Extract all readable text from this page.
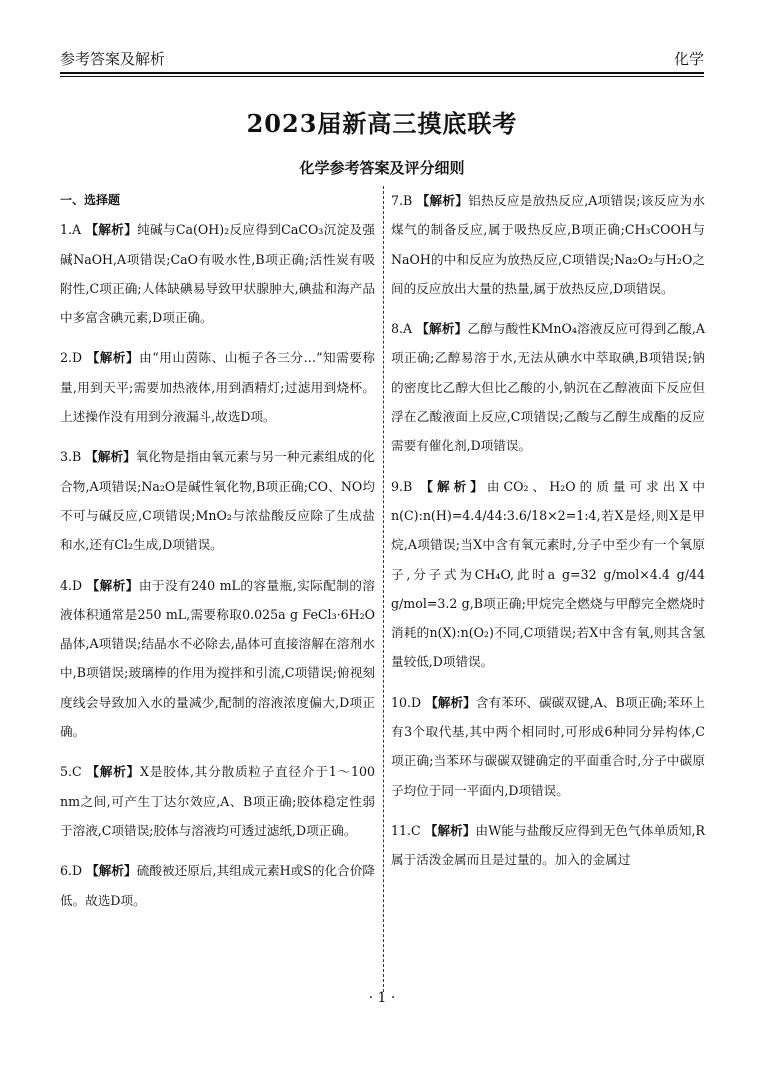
参考答案及解析	化学
2023届新高三摸底联考
化学参考答案及评分细则
一、选择题
1.A 【解析】纯碱与Ca(OH)₂反应得到CaCO₃沉淀及强碱NaOH,A项错误;CaO有吸水性,B项正确;活性炭有吸附性,C项正确;人体缺碘易导致甲状腺肿大,碘盐和海产品中多富含碘元素,D项正确。
2.D 【解析】由“用山茵陈、山栀子各三分…”知需要称量,用到天平;需要加热液体,用到酒精灯;过滤用到烧杯。上述操作没有用到分液漏斗,故选D项。
3.B 【解析】氧化物是指由氧元素与另一种元素组成的化合物,A项错误;Na₂O是碱性氧化物,B项正确;CO、NO均不可与碱反应,C项错误;MnO₂与浓盐酸反应除了生成盐和水,还有Cl₂生成,D项错误。
4.D 【解析】由于没有240 mL的容量瓶,实际配制的溶液体积通常是250 mL,需要称取0.025a g FeCl₃·6H₂O晶体,A项错误;结晶水不必除去,晶体可直接溶解在溶剂水中,B项错误;玻璃棒的作用为搅拌和引流,C项错误;俯视刻度线会导致加入水的量减少,配制的溶液浓度偏大,D项正确。
5.C 【解析】X是胶体,其分散质粒子直径介于1～100 nm之间,可产生丁达尔效应,A、B项正确;胶体稳定性弱于溶液,C项错误;胶体与溶液均可透过滤纸,D项正确。
6.D 【解析】硫酸被还原后,其组成元素H或S的化合价降低。故选D项。
7.B 【解析】铝热反应是放热反应,A项错误;该反应为水煤气的制备反应,属于吸热反应,B项正确;CH₃COOH与NaOH的中和反应为放热反应,C项错误;Na₂O₂与H₂O之间的反应放出大量的热量,属于放热反应,D项错误。
8.A 【解析】乙醇与酸性KMnO₄溶液反应可得到乙酸,A项正确;乙醇易溶于水,无法从碘水中萃取碘,B项错误;钠的密度比乙醇大但比乙酸的小,钠沉在乙醇液面下反应但浮在乙酸液面上反应,C项错误;乙酸与乙醇生成酯的反应需要有催化剂,D项错误。
9.B 【解析】由CO₂、H₂O的质量可求出X中n(C):n(H)=4.4/44:3.6/18×2=1:4,若X是烃,则X是甲烷,A项错误;当X中含有氧元素时,分子中至少有一个氧原子,分子式为CH₄O,此时a g=32 g/mol×4.4 g/44 g/mol=3.2 g,B项正确;甲烷完全燃烧与甲醇完全燃烧时消耗的n(X):n(O₂)不同,C项错误;若X中含有氧,则其含氢量较低,D项错误。
10.D 【解析】含有苯环、碳碳双键,A、B项正确;苯环上有3个取代基,其中两个相同时,可形成6种同分异构体,C项正确;当苯环与碳碳双键确定的平面重合时,分子中碳原子均位于同一平面内,D项错误。
11.C 【解析】由W能与盐酸反应得到无色气体单质知,R属于活泼金属而且是过量的。加入的金属过
· 1 ·
